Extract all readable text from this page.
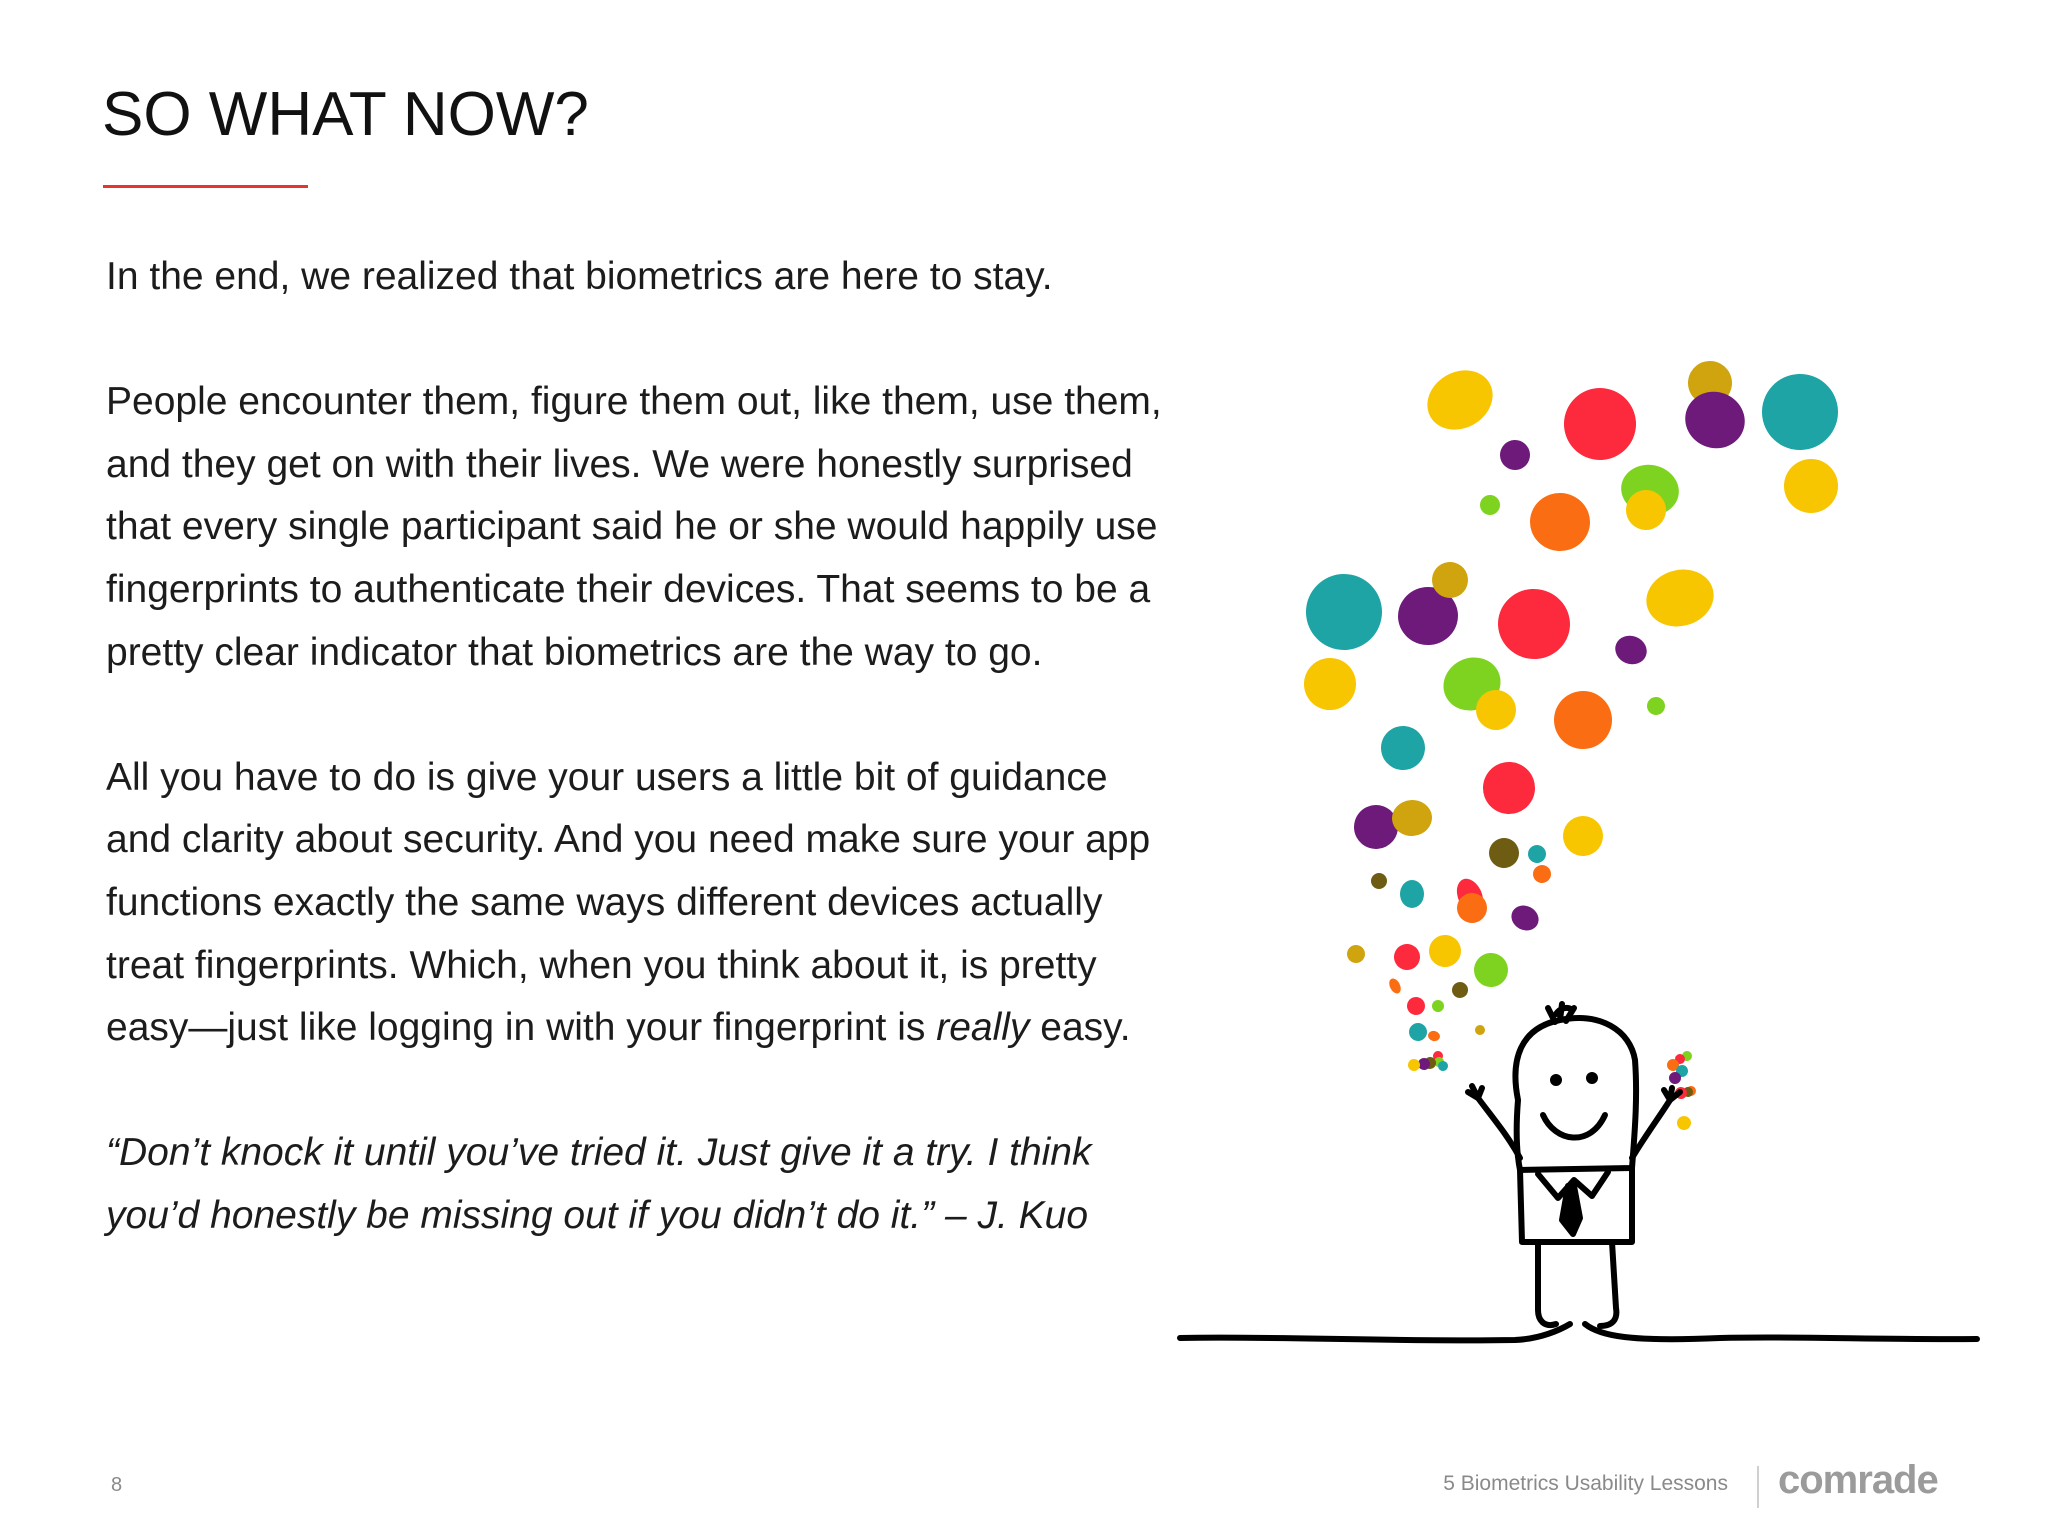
SO WHAT NOW?

In the end, we realized that biometrics are here to stay.

People encounter them, figure them out, like them, use them, and they get on with their lives. We were honestly surprised that every single participant said he or she would happily use fingerprints to authenticate their devices. That seems to be a pretty clear indicator that biometrics are the way to go.

All you have to do is give your users a little bit of guidance and clarity about security. And you need make sure your app functions exactly the same ways different devices actually treat fingerprints. Which, when you think about it, is pretty easy—just like logging in with your fingerprint is really easy.

“Don’t knock it until you’ve tried it. Just give it a try. I think you’d honestly be missing out if you didn’t do it.” – J. Kuo

8	5 Biometrics Usability Lessons comrade
